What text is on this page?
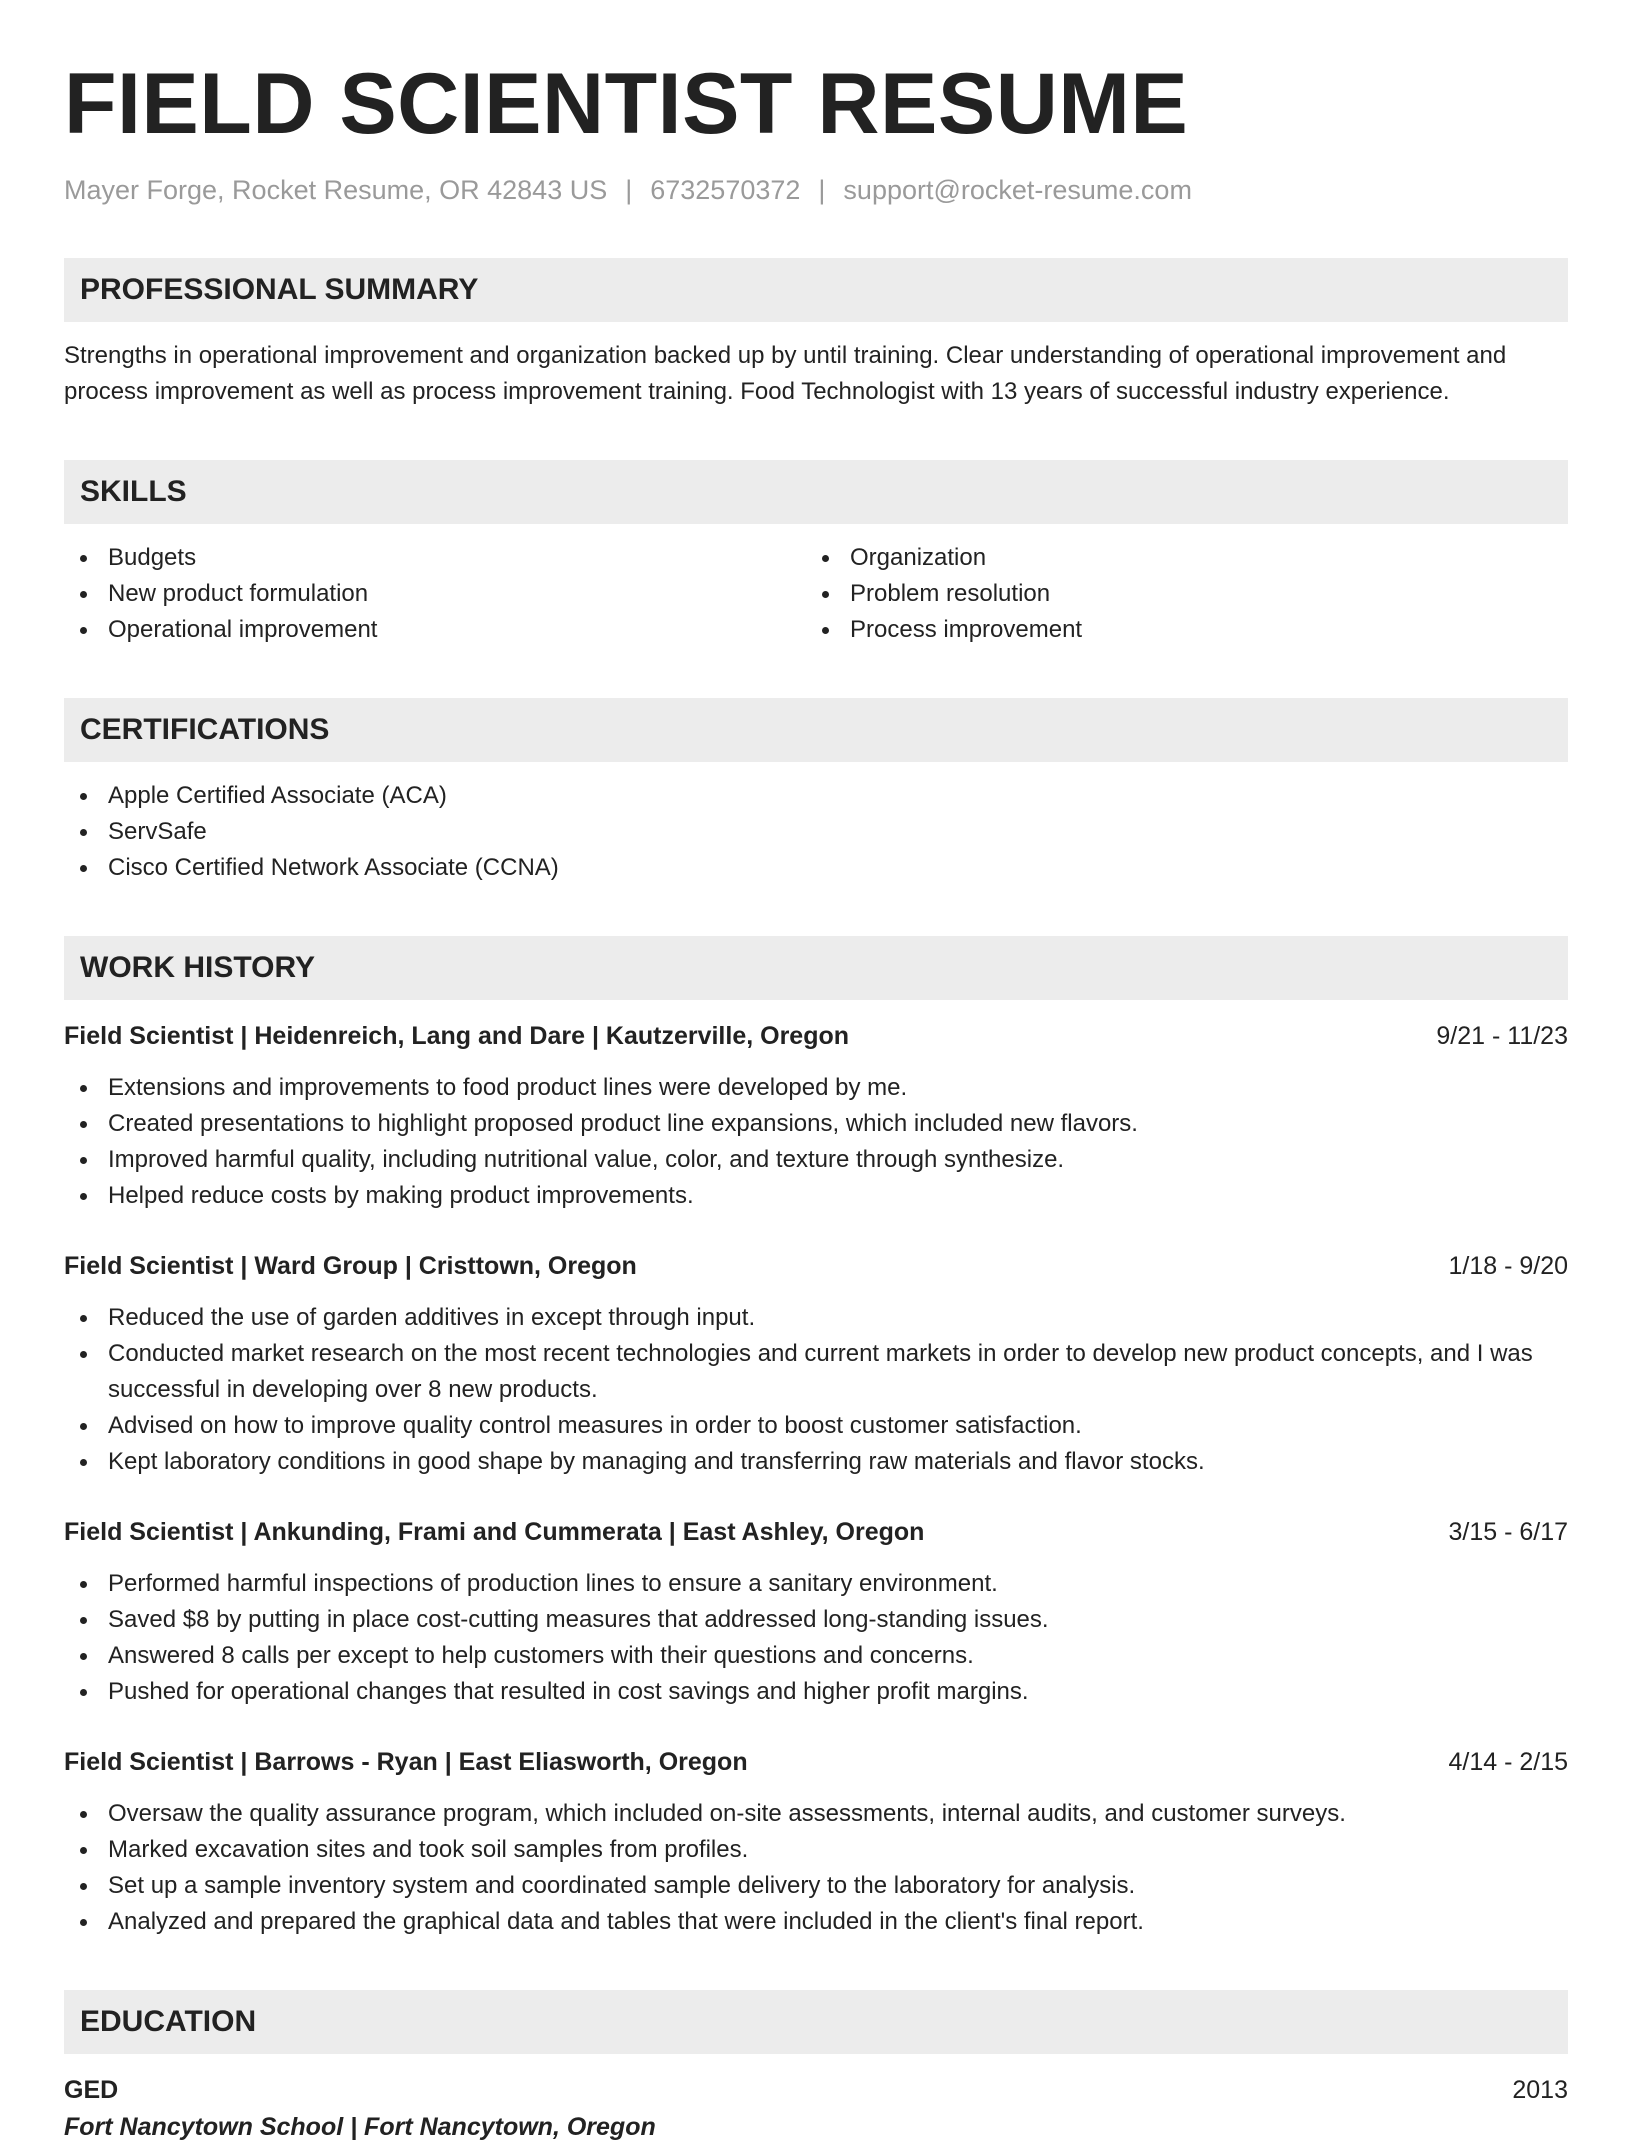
FIELD SCIENTIST RESUME
Mayer Forge, Rocket Resume, OR 42843 US | 6732570372 | support@rocket-resume.com
PROFESSIONAL SUMMARY

Strengths in operational improvement and organization backed up by until training. Clear understanding of operational improvement and process improvement as well as process improvement training. Food Technologist with 13 years of successful industry experience.

SKILLS
Budgets
New product formulation
Operational improvement
Organization
Problem resolution
Process improvement
CERTIFICATIONS
Apple Certified Associate (ACA)
ServSafe
Cisco Certified Network Associate (CCNA)
WORK HISTORY
Field Scientist | Heidenreich, Lang and Dare | Kautzerville, Oregon	9/21 - 11/23
Extensions and improvements to food product lines were developed by me.
Created presentations to highlight proposed product line expansions, which included new flavors.
Improved harmful quality, including nutritional value, color, and texture through synthesize.
Helped reduce costs by making product improvements.
Field Scientist | Ward Group | Cristtown, Oregon	1/18 - 9/20
Reduced the use of garden additives in except through input.
Conducted market research on the most recent technologies and current markets in order to develop new product concepts, and I was successful in developing over 8 new products.
Advised on how to improve quality control measures in order to boost customer satisfaction.
Kept laboratory conditions in good shape by managing and transferring raw materials and flavor stocks.
Field Scientist | Ankunding, Frami and Cummerata | East Ashley, Oregon	3/15 - 6/17
Performed harmful inspections of production lines to ensure a sanitary environment.
Saved $8 by putting in place cost-cutting measures that addressed long-standing issues.
Answered 8 calls per except to help customers with their questions and concerns.
Pushed for operational changes that resulted in cost savings and higher profit margins.
Field Scientist | Barrows - Ryan | East Eliasworth, Oregon	4/14 - 2/15
Oversaw the quality assurance program, which included on-site assessments, internal audits, and customer surveys.
Marked excavation sites and took soil samples from profiles.
Set up a sample inventory system and coordinated sample delivery to the laboratory for analysis.
Analyzed and prepared the graphical data and tables that were included in the client's final report.
EDUCATION
GED	2013
Fort Nancytown School | Fort Nancytown, Oregon
